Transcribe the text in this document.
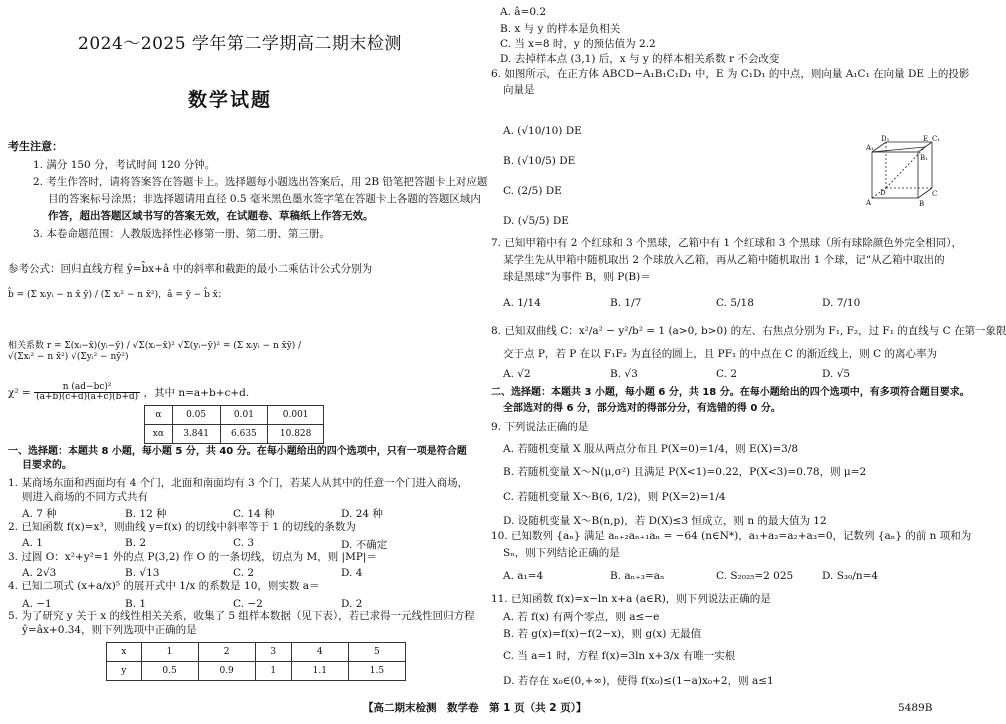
2024～2025 学年第二学期高二期末检测
数学试题
考生注意：
1. 满分 150 分，考试时间 120 分钟。
2. 考生作答时，请将答案答在答题卡上。选择题每小题选出答案后，用 2B 铅笔把答题卡上对应题
目的答案标号涂黑；非选择题请用直径 0.5 毫米黑色墨水签字笔在答题卡上各题的答题区域内
作答，超出答题区域书写的答案无效，在试题卷、草稿纸上作答无效。
3. 本卷命题范围：人教版选择性必修第一册、第二册、第三册。
参考公式：回归直线方程 ŷ=b̂x+â 中的斜率和截距的最小二乘估计公式分别为
b̂ = (Σ xᵢyᵢ − n x̄ ȳ) / (Σ xᵢ² − n x̄²)，â = ȳ − b̂ x̄；
相关系数 r = Σ(xᵢ−x̄)(yᵢ−ȳ) / √Σ(xᵢ−x̄)² √Σ(yᵢ−ȳ)² = (Σ xᵢyᵢ − n x̄ȳ) / √(Σxᵢ² − n x̄²) √(Σyᵢ² − nȳ²)
$\chi^2 = \frac{\text{n (ad−bc)²}}{(a+b)(c+d)(a+c)(b+d)}$ ，其中 n=a+b+c+d.
α	0.05	0.01	0.001
xα	3.841	6.635	10.828
一、选择题：本题共 8 小题，每小题 5 分，共 40 分。在每小题给出的四个选项中，只有一项是符合题
目要求的。
1. 某商场东面和西面均有 4 个门，北面和南面均有 3 个门，若某人从其中的任意一个门进入商场，
则进入商场的不同方式共有
A. 7 种	B. 12 种	C. 14 种	D. 24 种
2. 已知函数 f(x)=x³，则曲线 y=f(x) 的切线中斜率等于 1 的切线的条数为
A. 1	B. 2	C. 3	D. 不确定
3. 过圆 O：x²+y²=1 外的点 P(3,2) 作 O 的一条切线，切点为 M，则 |MP|＝
A. 2√3	B. √13	C. 2	D. 4
4. 已知二项式 (x+a/x)⁵ 的展开式中 1/x 的系数是 10，则实数 a＝
A. −1	B. 1	C. −2	D. 2
5. 为了研究 y 关于 x 的线性相关关系，收集了 5 组样本数据（见下表），若已求得一元线性回归方程
ŷ=âx+0.34，则下列选项中正确的是
x	1	2	3	4	5
y	0.5	0.9	1	1.1	1.5
A. â=0.2
B. x 与 y 的样本是负相关
C. 当 x=8 时，y 的预估值为 2.2
D. 去掉样本点 (3,1) 后，x 与 y 的样本相关系数 r 不会改变
6. 如图所示，在正方体 ABCD−A₁B₁C₁D₁ 中，E 为 C₁D₁ 的中点，则向量 A₁C₁ 在向量 DE 上的投影
向量是
A. (√10/10) DE
B. (√10/5) DE
C. (2/5) DE
D. (√5/5) DE
A₁
B₁
C₁
D₁
A	B
C
D
E
7. 已知甲箱中有 2 个红球和 3 个黑球，乙箱中有 1 个红球和 3 个黑球（所有球除颜色外完全相同），
某学生先从甲箱中随机取出 2 个球放入乙箱，再从乙箱中随机取出 1 个球，记“从乙箱中取出的
球是黑球”为事件 B，则 P(B)＝
A. 1/14	B. 1/7	C. 5/18	D. 7/10
8. 已知双曲线 C：x²/a² − y²/b² = 1 (a>0, b>0) 的左、右焦点分别为 F₁, F₂，过 F₁ 的直线与 C 在第一象限
交于点 P，若 P 在以 F₁F₂ 为直径的圆上，且 PF₁ 的中点在 C 的渐近线上，则 C 的离心率为
A. √2	B. √3	C. 2	D. √5
二、选择题：本题共 3 小题，每小题 6 分，共 18 分。在每小题给出的四个选项中，有多项符合题目要求。
全部选对的得 6 分，部分选对的得部分分，有选错的得 0 分。
9. 下列说法正确的是
A. 若随机变量 X 服从两点分布且 P(X=0)=1/4，则 E(X)=3/8
B. 若随机变量 X～N(μ,σ²) 且满足 P(X<1)=0.22，P(X<3)=0.78，则 μ=2
C. 若随机变量 X～B(6, 1/2)，则 P(X=2)=1/4
D. 设随机变量 X～B(n,p)，若 D(X)≤3 恒成立，则 n 的最大值为 12
10. 已知数列 {aₙ} 满足 aₙ₊₂aₙ₊₁aₙ = −64 (n∈N*)，a₁+a₂=a₂+a₃=0，记数列 {aₙ} 的前 n 项和为
Sₙ，则下列结论正确的是
A. a₁=4	B. aₙ₊₃=aₙ	C. S₂₀₂₅=2 025	D. S₃₀/n=4
11. 已知函数 f(x)=x−ln x+a (a∈R)，则下列说法正确的是
A. 若 f(x) 有两个零点，则 a≤−e
B. 若 g(x)=f(x)−f(2−x)，则 g(x) 无最值
C. 当 a=1 时，方程 f(x)=3ln x+3/x 有唯一实根
D. 若存在 x₀∈(0,+∞)，使得 f(x₀)≤(1−a)x₀+2，则 a≤1
【高二期末检测　数学卷　第 1 页（共 2 页）】	5489B
